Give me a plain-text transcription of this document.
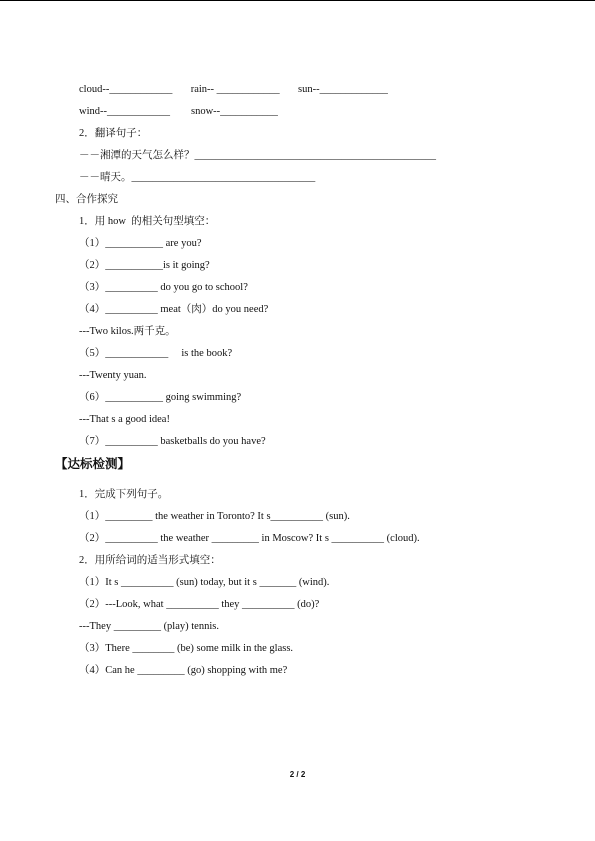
cloud--____________       rain-- ____________       sun--_____________
wind--____________        snow--___________
2．翻译句子：
－－湘潭的天气怎么样？______________________________________________
－－晴天。___________________________________
四、合作探究
1．用 how  的相关句型填空：
（1）___________ are you?
（2）___________is it going?
（3）__________ do you go to school?
（4）__________ meat（肉）do you need?
---Two kilos.两千克。
（5）____________     is the book?
---Twenty yuan.
（6）___________ going swimming?
---That s a good idea!
（7）__________ basketballs do you have?
【达标检测】
1．完成下列句子。
（1）_________ the weather in Toronto? It s__________ (sun).
（2）__________ the weather _________ in Moscow? It s __________ (cloud).
2．用所给词的适当形式填空：
（1）It s __________ (sun) today, but it s _______ (wind).
（2）---Look, what __________ they __________ (do)?
---They _________ (play) tennis.
（3）There ________ (be) some milk in the glass.
（4）Can he _________ (go) shopping with me?
2 / 2
